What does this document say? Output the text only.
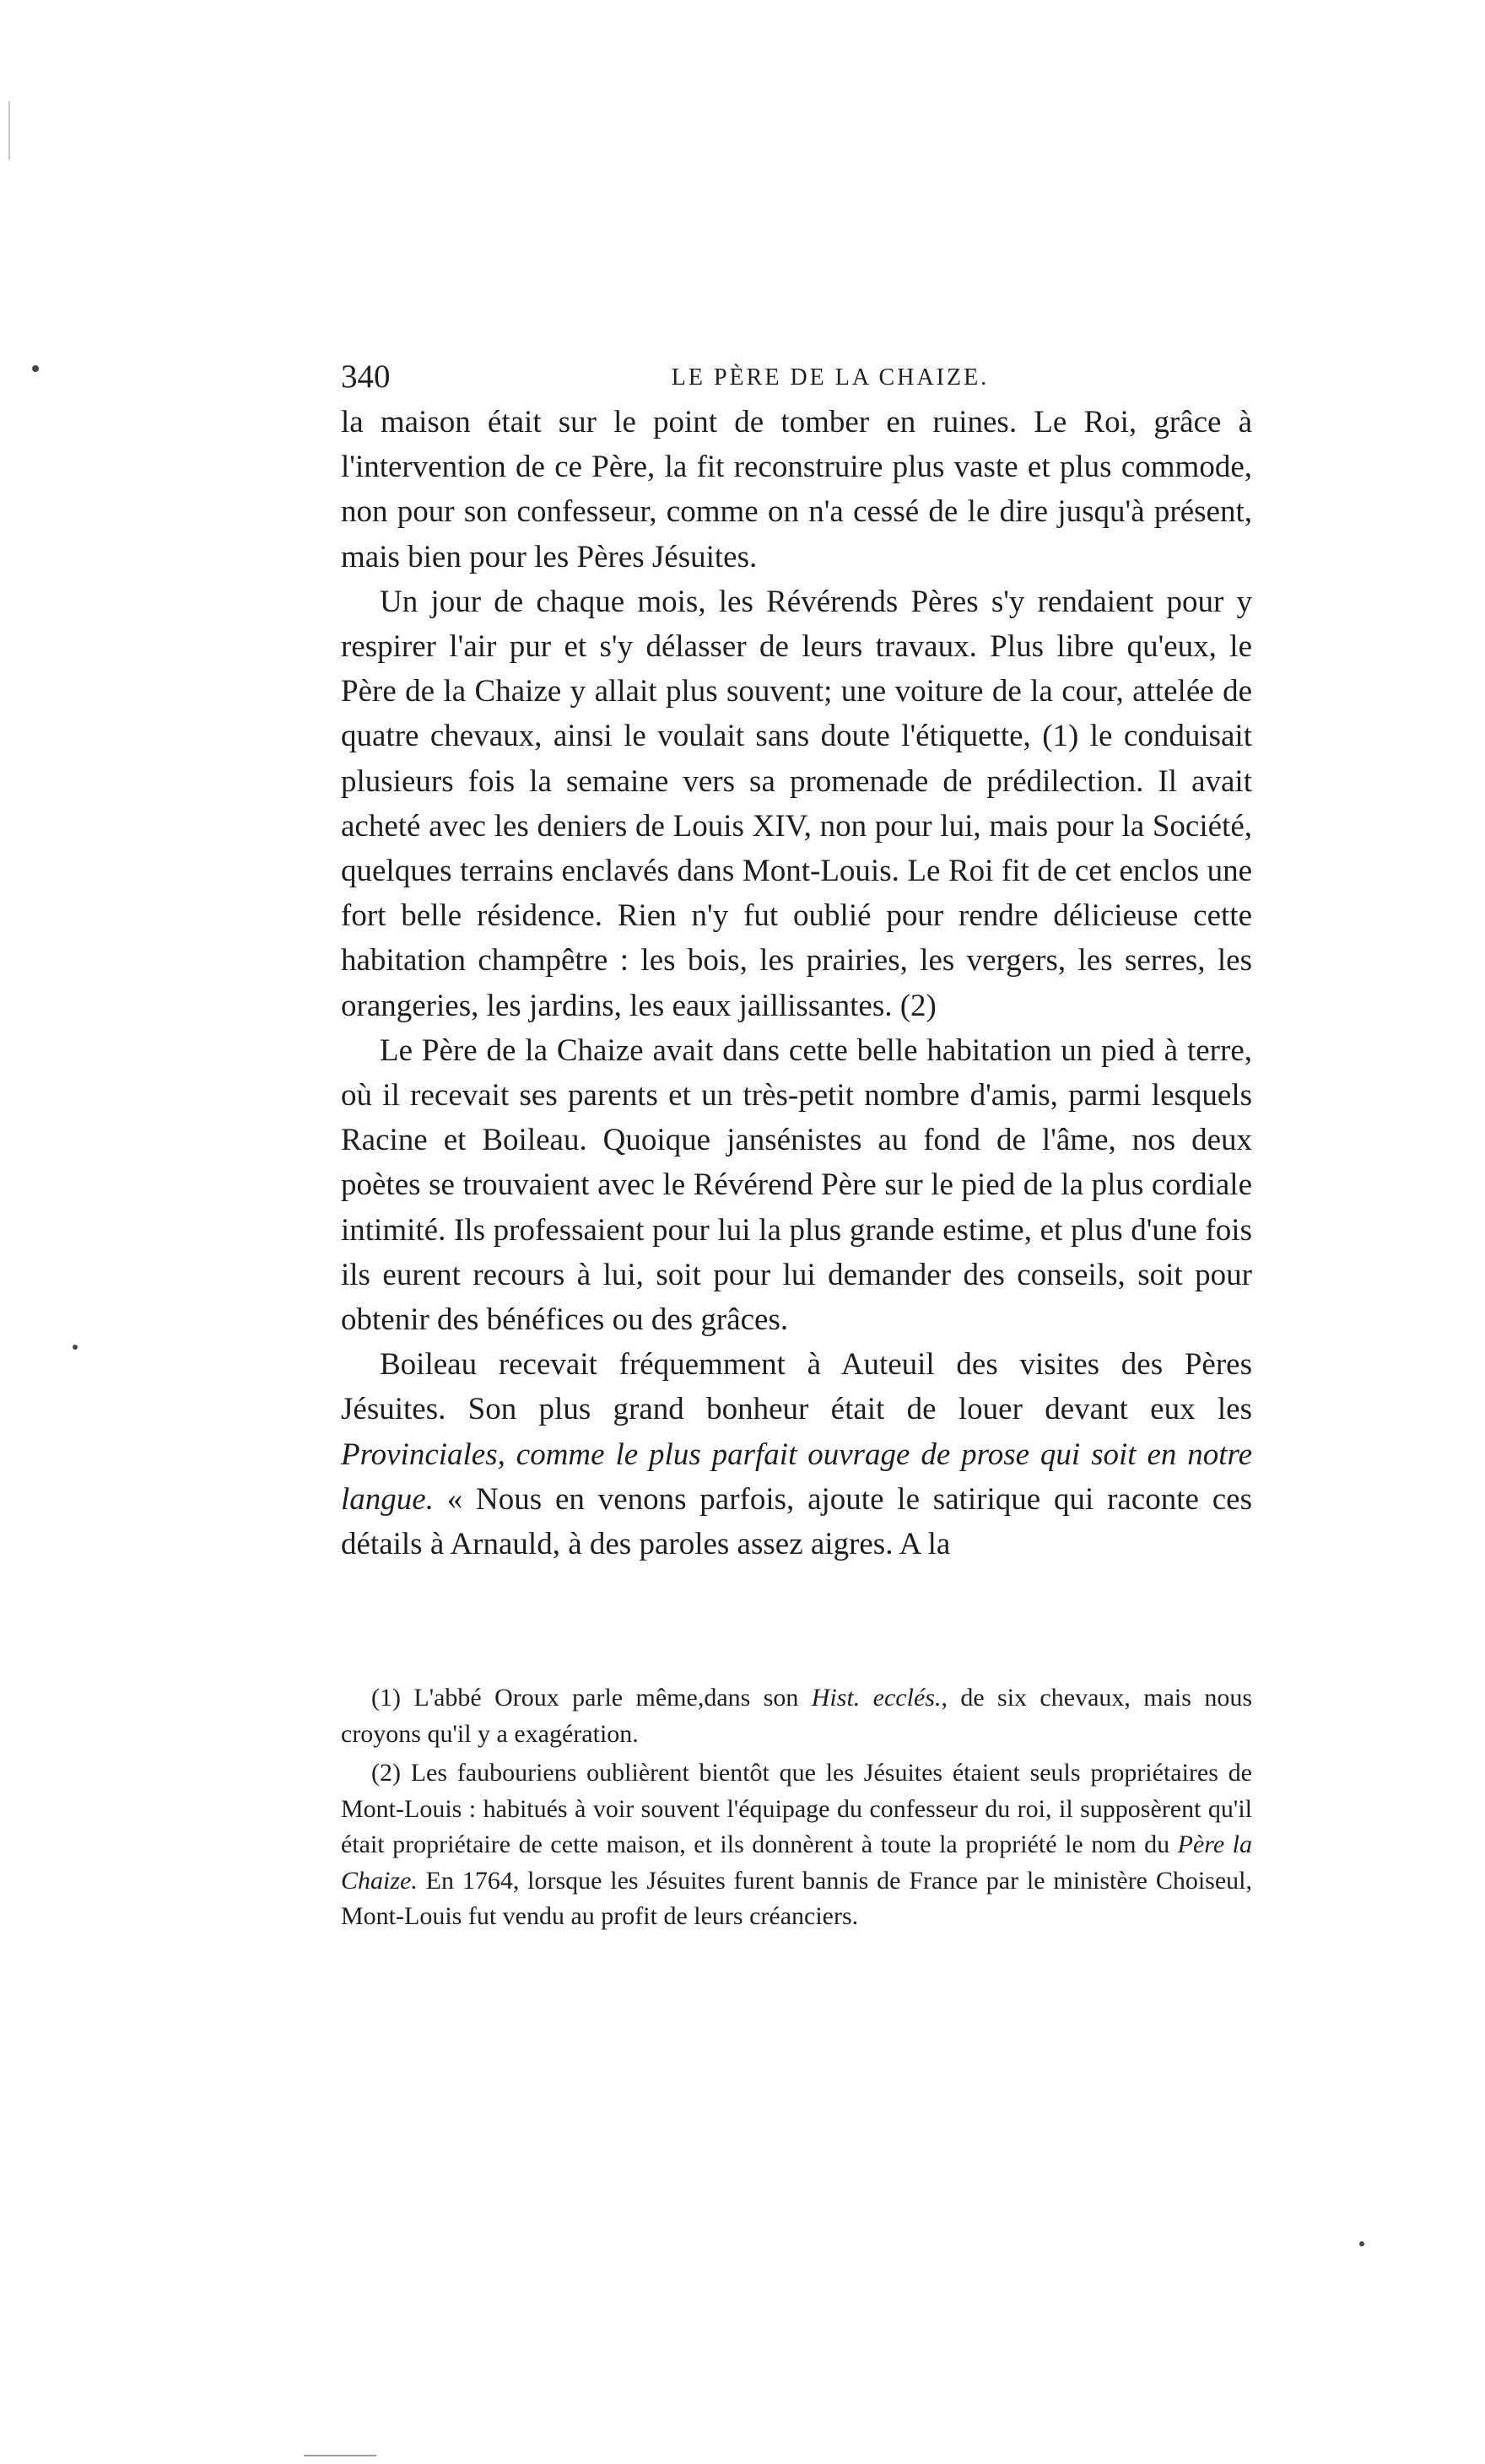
340	LE PÈRE DE LA CHAIZE.

la maison était sur le point de tomber en ruines. Le Roi, grâce à l'intervention de ce Père, la fit reconstruire plus vaste et plus commode, non pour son confesseur, comme on n'a cessé de le dire jusqu'à présent, mais bien pour les Pères Jésuites.

Un jour de chaque mois, les Révérends Pères s'y rendaient pour y respirer l'air pur et s'y délasser de leurs travaux. Plus libre qu'eux, le Père de la Chaize y allait plus souvent; une voiture de la cour, attelée de quatre chevaux, ainsi le voulait sans doute l'étiquette, (1) le conduisait plusieurs fois la semaine vers sa promenade de prédilection. Il avait acheté avec les deniers de Louis XIV, non pour lui, mais pour la Société, quelques terrains enclavés dans Mont-Louis. Le Roi fit de cet enclos une fort belle résidence. Rien n'y fut oublié pour rendre délicieuse cette habitation champêtre : les bois, les prairies, les vergers, les serres, les orangeries, les jardins, les eaux jaillissantes. (2)

Le Père de la Chaize avait dans cette belle habitation un pied à terre, où il recevait ses parents et un très-petit nombre d'amis, parmi lesquels Racine et Boileau. Quoique jansénistes au fond de l'âme, nos deux poètes se trouvaient avec le Révérend Père sur le pied de la plus cordiale intimité. Ils professaient pour lui la plus grande estime, et plus d'une fois ils eurent recours à lui, soit pour lui demander des conseils, soit pour obtenir des bénéfices ou des grâces.

Boileau recevait fréquemment à Auteuil des visites des Pères Jésuites. Son plus grand bonheur était de louer devant eux les Provinciales, comme le plus parfait ouvrage de prose qui soit en notre langue. « Nous en venons parfois, ajoute le satirique qui raconte ces détails à Arnauld, à des paroles assez aigres. A la

(1) L'abbé Oroux parle même,dans son Hist. ecclés., de six chevaux, mais nous croyons qu'il y a exagération.

(2) Les faubouriens oublièrent bientôt que les Jésuites étaient seuls propriétaires de Mont-Louis : habitués à voir souvent l'équipage du confesseur du roi, il supposèrent qu'il était propriétaire de cette maison, et ils donnèrent à toute la propriété le nom du Père la Chaize. En 1764, lorsque les Jésuites furent bannis de France par le ministère Choiseul, Mont-Louis fut vendu au profit de leurs créanciers.
